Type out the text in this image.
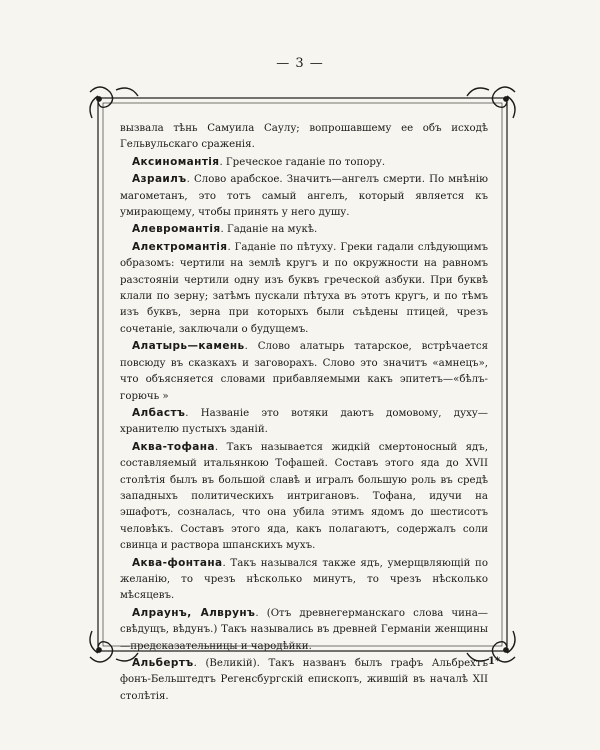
— 3 —

вызвала тѣнь Самуила Саулу; вопрошавшему ее объ исходѣ Гельвульскаго сраженія.

Аксиномантія. Греческое гаданіе по топору.

Азраилъ. Слово арабское. Значитъ—ангелъ смерти. По мнѣнію магометанъ, это тотъ самый ангелъ, который является къ умирающему, чтобы принять у него душу.

Алевромантія. Гаданіе на мукѣ.

Алектромантія. Гаданіе по пѣтуху. Греки гадали слѣдующимъ образомъ: чертили на землѣ кругъ и по окружности на равномъ разстояніи чертили одну изъ буквъ греческой азбуки. При буквѣ клали по зерну; затѣмъ пускали пѣтуха въ этотъ кругъ, и по тѣмъ изъ буквъ, зерна при которыхъ были съѣдены птицей, чрезъ сочетаніе, заключали о будущемъ.

Алатырь—камень. Слово алатырь татарское, встрѣчается повсюду въ сказкахъ и заговорахъ. Слово это значитъ «амнецъ», что объясняется словами прибавляемыми какъ эпитетъ—«бѣлъ-горючь »

Албастъ. Названіе это вотяки даютъ домовому, духу—хранителю пустыхъ зданій.

Аква-тофана. Такъ называется жидкій смертоносный ядъ, составляемый итальянкою Тофашей. Составъ этого яда до XVII столѣтія былъ въ большой славѣ и игралъ большую роль въ средѣ западныхъ политическихъ интригановъ. Тофана, идучи на эшафотъ, созналась, что она убила этимъ ядомъ до шестисотъ человѣкъ. Составъ этого яда, какъ полагаютъ, содержалъ соли свинца и раствора шпанскихъ мухъ.

Аква-фонтана. Такъ назывался также ядъ, умерщвляющій по желанію, то чрезъ нѣсколько минутъ, то чрезъ нѣсколько мѣсяцевъ.

Алраунъ, Алврунъ. (Отъ древнегерманскаго слова чина—свѣдущъ, вѣдунъ.) Такъ назывались въ древней Германіи женщины—предсказательницы и чародѣйки.

Альбертъ. (Великій). Такъ названъ былъ графъ Альбрехтъ фонъ-Бельштедтъ Регенсбургскій епископъ, жившій въ началѣ XII столѣтія.

1*
